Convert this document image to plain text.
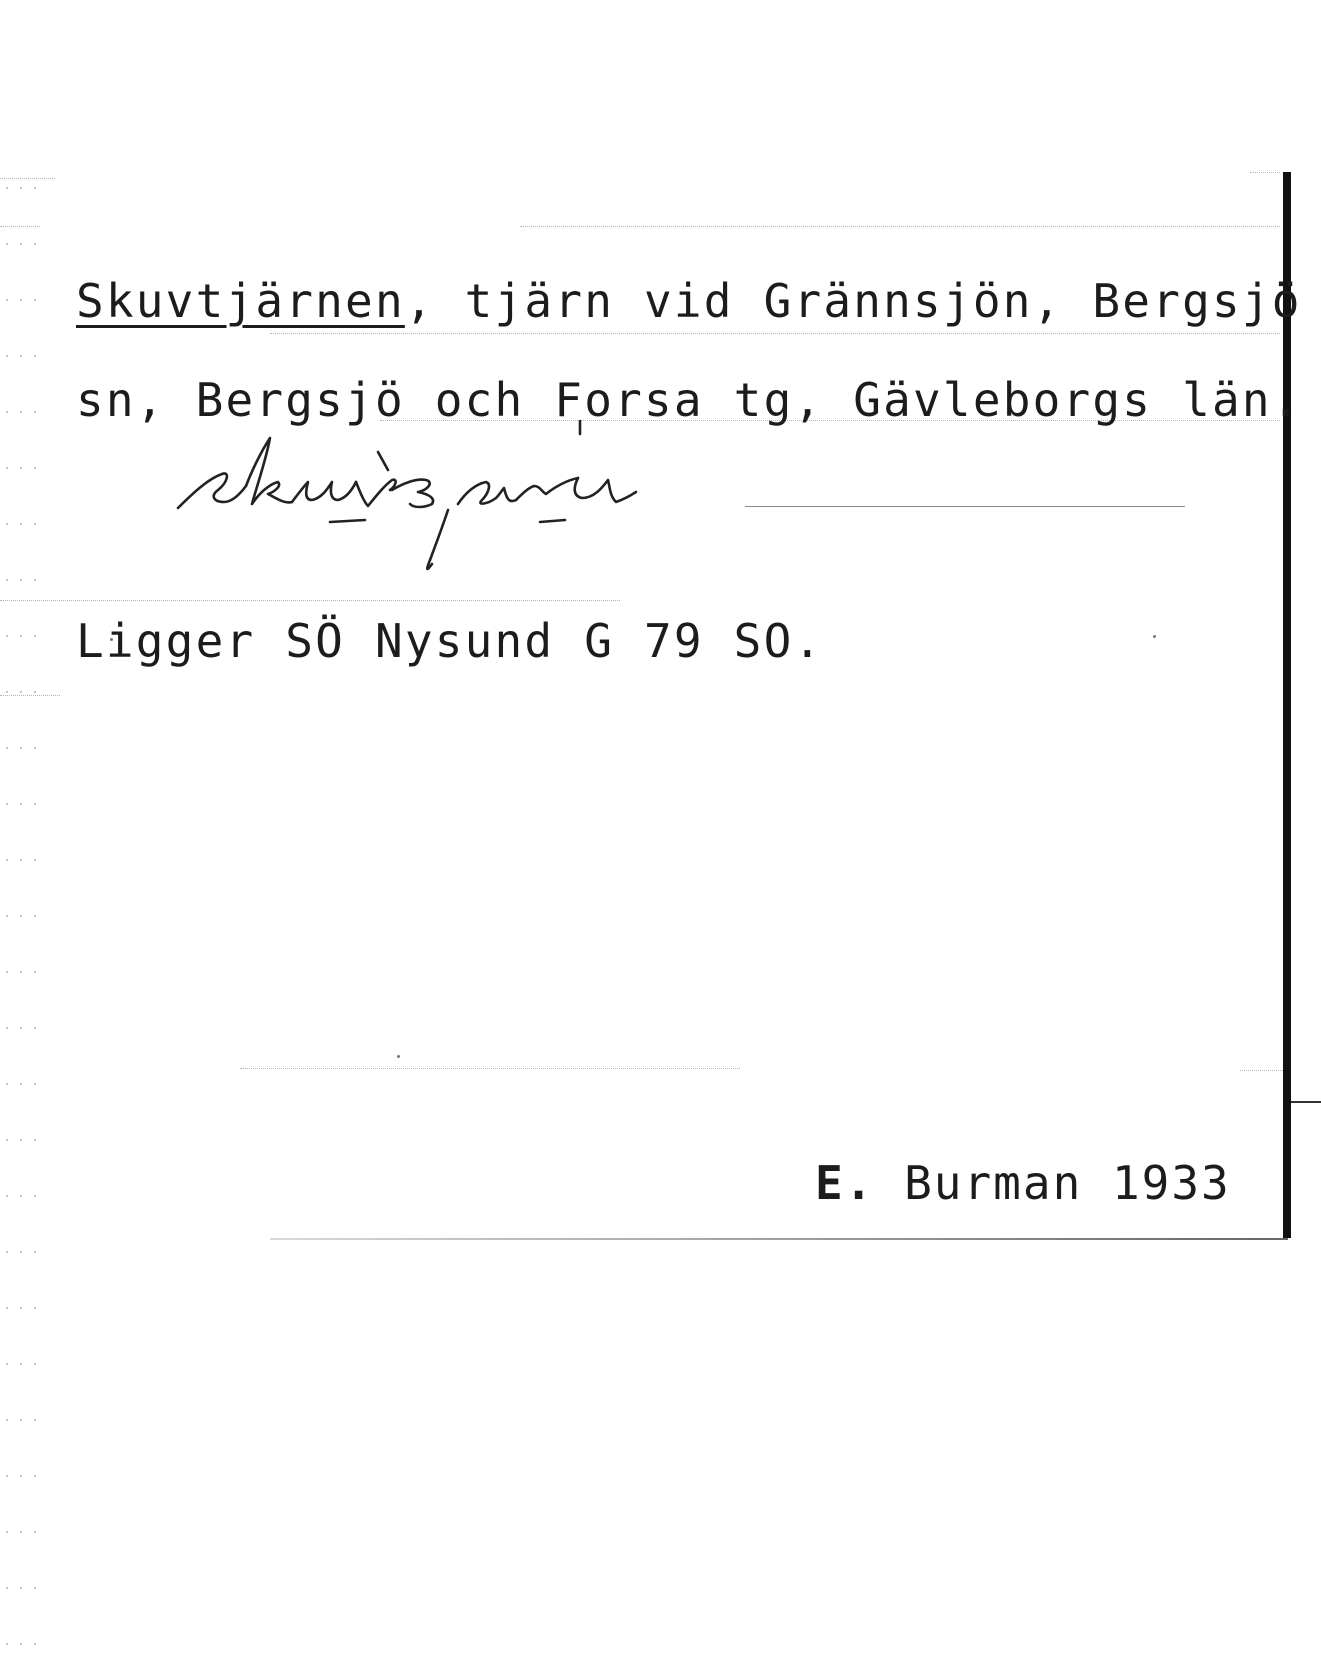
Skuvtjärnen, tjärn vid Grännsjön, Bergsjö
sn, Bergsjö och Forsa tg, Gävleborgs län.
Ligger SÖ Nysund G 79 SO.
E. Burman 1933
